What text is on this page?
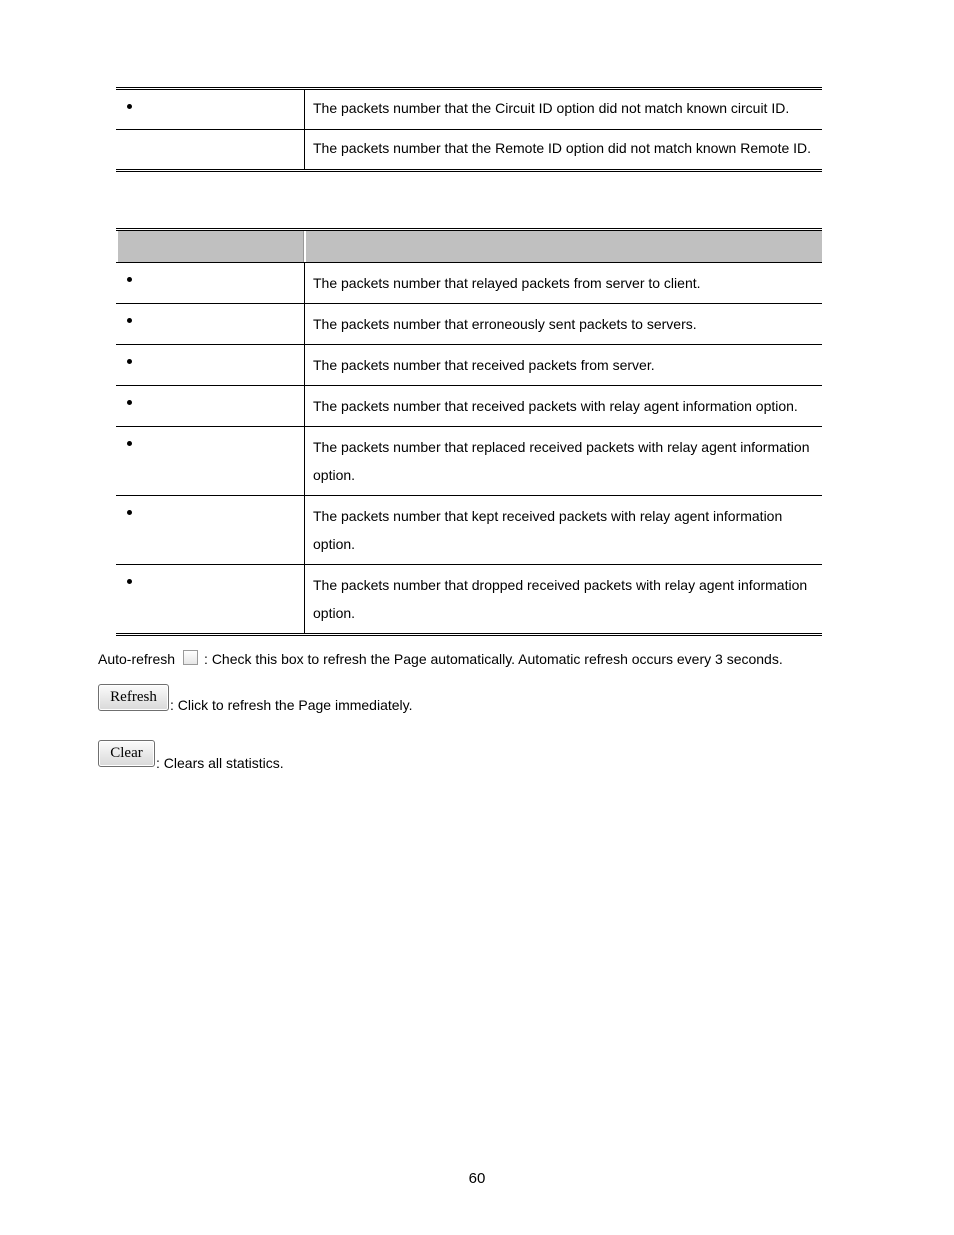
The packets number that the Circuit ID option did not match known circuit ID.
The packets number that the Remote ID option did not match known Remote ID.
The packets number that relayed packets from server to client.
The packets number that erroneously sent packets to servers.
The packets number that received packets from server.
The packets number that received packets with relay agent information option.
The packets number that replaced received packets with relay agent information option.
The packets number that kept received packets with relay agent information option.
The packets number that dropped received packets with relay agent information option.
Auto-refresh : Check this box to refresh the Page automatically. Automatic refresh occurs every 3 seconds.
Refresh : Click to refresh the Page immediately.
Clear
: Clears all statistics.
60
